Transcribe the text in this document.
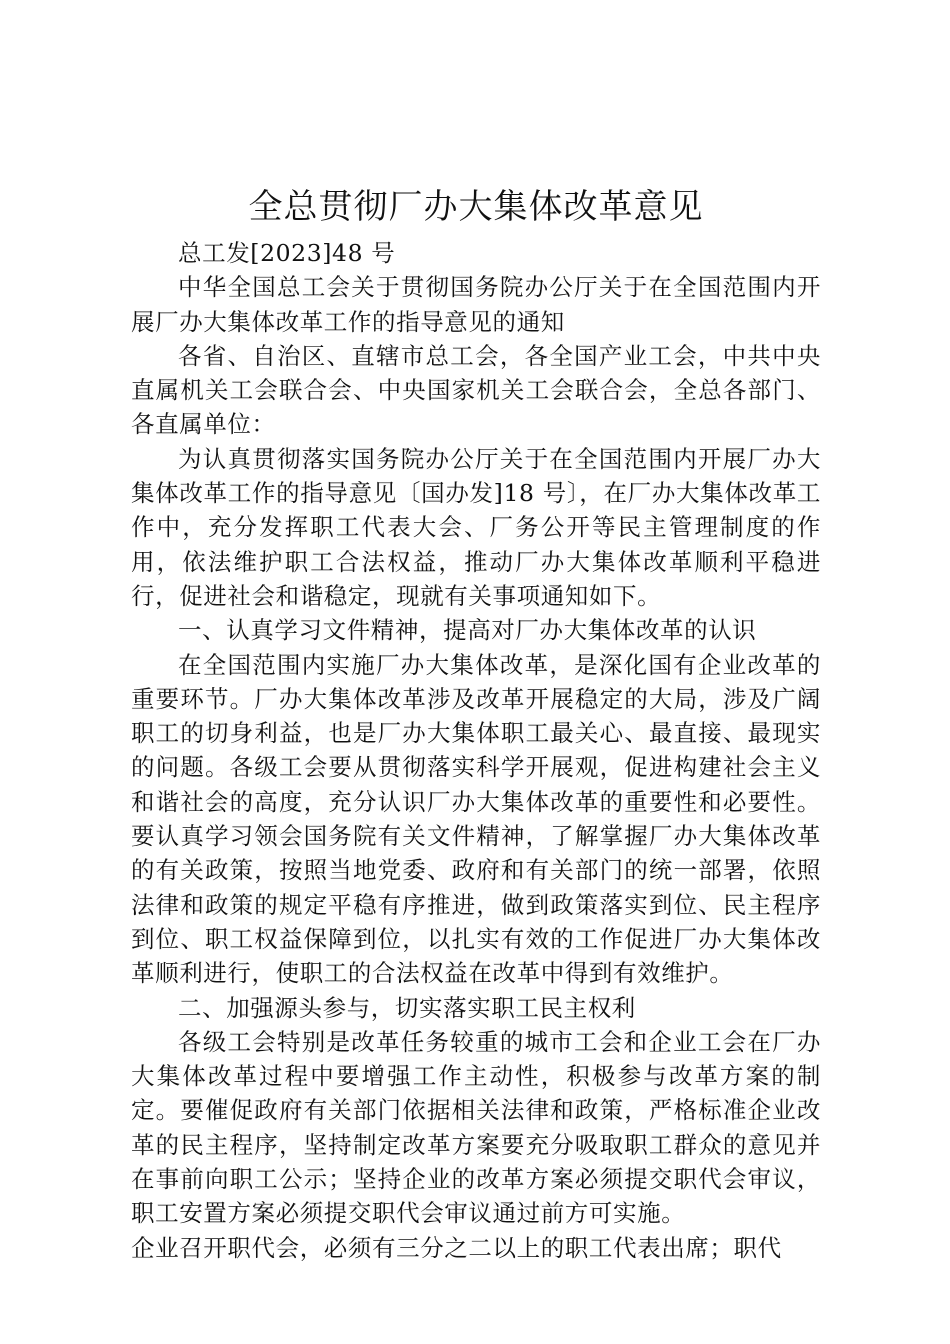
全总贯彻厂办大集体改革意见

总工发[2023]48 号

中华全国总工会关于贯彻国务院办公厅关于在全国范围内开展厂办大集体改革工作的指导意见的通知

各省、自治区、直辖市总工会，各全国产业工会，中共中央直属机关工会联合会、中央国家机关工会联合会，全总各部门、各直属单位：

为认真贯彻落实国务院办公厅关于在全国范围内开展厂办大集体改革工作的指导意见〔国办发]18 号〕，在厂办大集体改革工作中，充分发挥职工代表大会、厂务公开等民主管理制度的作用，依法维护职工合法权益，推动厂办大集体改革顺利平稳进行，促进社会和谐稳定，现就有关事项通知如下。

一、认真学习文件精神，提高对厂办大集体改革的认识

在全国范围内实施厂办大集体改革，是深化国有企业改革的重要环节。厂办大集体改革涉及改革开展稳定的大局，涉及广阔职工的切身利益，也是厂办大集体职工最关心、最直接、最现实的问题。各级工会要从贯彻落实科学开展观，促进构建社会主义和谐社会的高度，充分认识厂办大集体改革的重要性和必要性。要认真学习领会国务院有关文件精神，了解掌握厂办大集体改革的有关政策，按照当地党委、政府和有关部门的统一部署，依照法律和政策的规定平稳有序推进，做到政策落实到位、民主程序到位、职工权益保障到位，以扎实有效的工作促进厂办大集体改革顺利进行，使职工的合法权益在改革中得到有效维护。

二、加强源头参与，切实落实职工民主权利

各级工会特别是改革任务较重的城市工会和企业工会在厂办大集体改革过程中要增强工作主动性，积极参与改革方案的制定。要催促政府有关部门依据相关法律和政策，严格标准企业改革的民主程序，坚持制定改革方案要充分吸取职工群众的意见并在事前向职工公示；坚持企业的改革方案必须提交职代会审议，职工安置方案必须提交职代会审议通过前方可实施。

企业召开职代会，必须有三分之二以上的职工代表出席；职代
